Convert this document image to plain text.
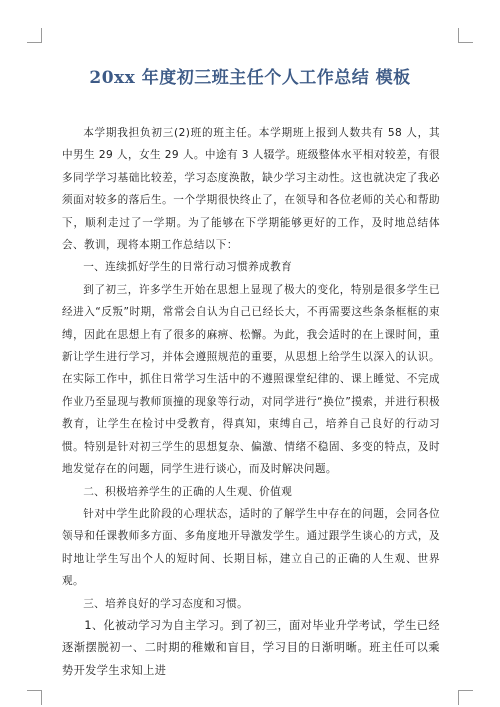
20xx 年度初三班主任个人工作总结 模板

本学期我担负初三(2)班的班主任。本学期班上报到人数共有 58 人，其中男生 29 人，女生 29 人。中途有 3 人辍学。班级整体水平相对较差，有很多同学学习基础比较差，学习态度涣散，缺少学习主动性。这也就决定了我必须面对较多的落后生。一个学期很快终止了，在领导和各位老师的关心和帮助下，顺利走过了一学期。为了能够在下学期能够更好的工作，及时地总结体会、教训，现将本期工作总结以下：

一、连续抓好学生的日常行动习惯养成教育

到了初三，许多学生开始在思想上显现了极大的变化，特别是很多学生已经进入“反叛”时期，常常会自认为自己已经长大，不再需要这些条条框框的束缚，因此在思想上有了很多的麻痹、松懈。为此，我会适时的在上课时间，重新让学生进行学习，并体会遵照规范的重要，从思想上给学生以深入的认识。在实际工作中，抓住日常学习生活中的不遵照课堂纪律的、课上睡觉、不完成作业乃至显现与教师顶撞的现象等行动，对同学进行“换位”摸索，并进行积极教育，让学生在检讨中受教育，得真知，束缚自己，培养自己良好的行动习惯。特别是针对初三学生的思想复杂、偏激、情绪不稳固、多变的特点，及时地发觉存在的问题，同学生进行谈心，而及时解决问题。

二、积极培养学生的正确的人生观、价值观

针对中学生此阶段的心理状态，适时的了解学生中存在的问题，会同各位领导和任课教师多方面、多角度地开导激发学生。通过跟学生谈心的方式，及时地让学生写出个人的短时间、长期目标，建立自己的正确的人生观、世界观。

三、培养良好的学习态度和习惯。

1、化被动学习为自主学习。到了初三，面对毕业升学考试，学生已经逐渐摆脱初一、二时期的稚嫩和盲目，学习目的日渐明晰。班主任可以乘势开发学生求知上进
